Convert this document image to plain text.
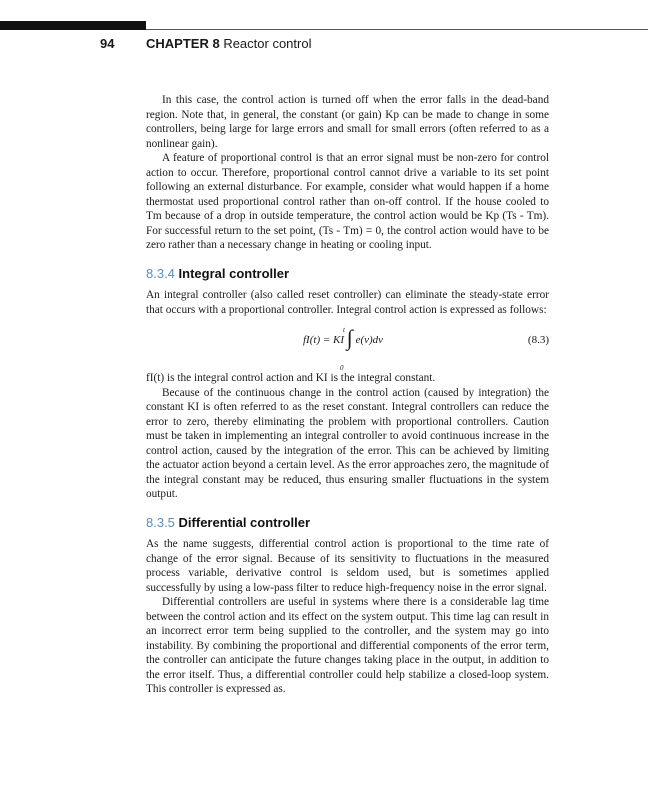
94 CHAPTER 8 Reactor control

In this case, the control action is turned off when the error falls in the dead-band region. Note that, in general, the constant (or gain) Kp can be made to change in some controllers, being large for large errors and small for small errors (often referred to as a nonlinear gain).

A feature of proportional control is that an error signal must be non-zero for control action to occur. Therefore, proportional control cannot drive a variable to its set point following an external disturbance. For example, consider what would happen if a home thermostat used proportional control rather than on-off control. If the house cooled to Tm because of a drop in outside temperature, the control action would be Kp (Ts - Tm). For successful return to the set point, (Ts - Tm) = 0, the control action would have to be zero rather than a necessary change in heating or cooling input.

8.3.4 Integral controller

An integral controller (also called reset controller) can eliminate the steady-state error that occurs with a proportional controller. Integral control action is expressed as follows:

fI(t) = KI ∫ e(v)dv
t
0
(8.3)

fI(t) is the integral control action and KI is the integral constant.

Because of the continuous change in the control action (caused by integration) the constant KI is often referred to as the reset constant. Integral controllers can reduce the error to zero, thereby eliminating the problem with proportional controllers. Caution must be taken in implementing an integral controller to avoid continuous increase in the control action, caused by the integration of the error. This can be achieved by limiting the actuator action beyond a certain level. As the error approaches zero, the magnitude of the integral constant may be reduced, thus ensuring smaller fluctuations in the system output.

8.3.5 Differential controller

As the name suggests, differential control action is proportional to the time rate of change of the error signal. Because of its sensitivity to fluctuations in the measured process variable, derivative control is seldom used, but is sometimes applied successfully by using a low-pass filter to reduce high-frequency noise in the error signal.

Differential controllers are useful in systems where there is a considerable lag time between the control action and its effect on the system output. This time lag can result in an incorrect error term being supplied to the controller, and the system may go into instability. By combining the proportional and differential components of the error term, the controller can anticipate the future changes taking place in the output, in addition to the error itself. Thus, a differential controller could help stabilize a closed-loop system. This controller is expressed as.
